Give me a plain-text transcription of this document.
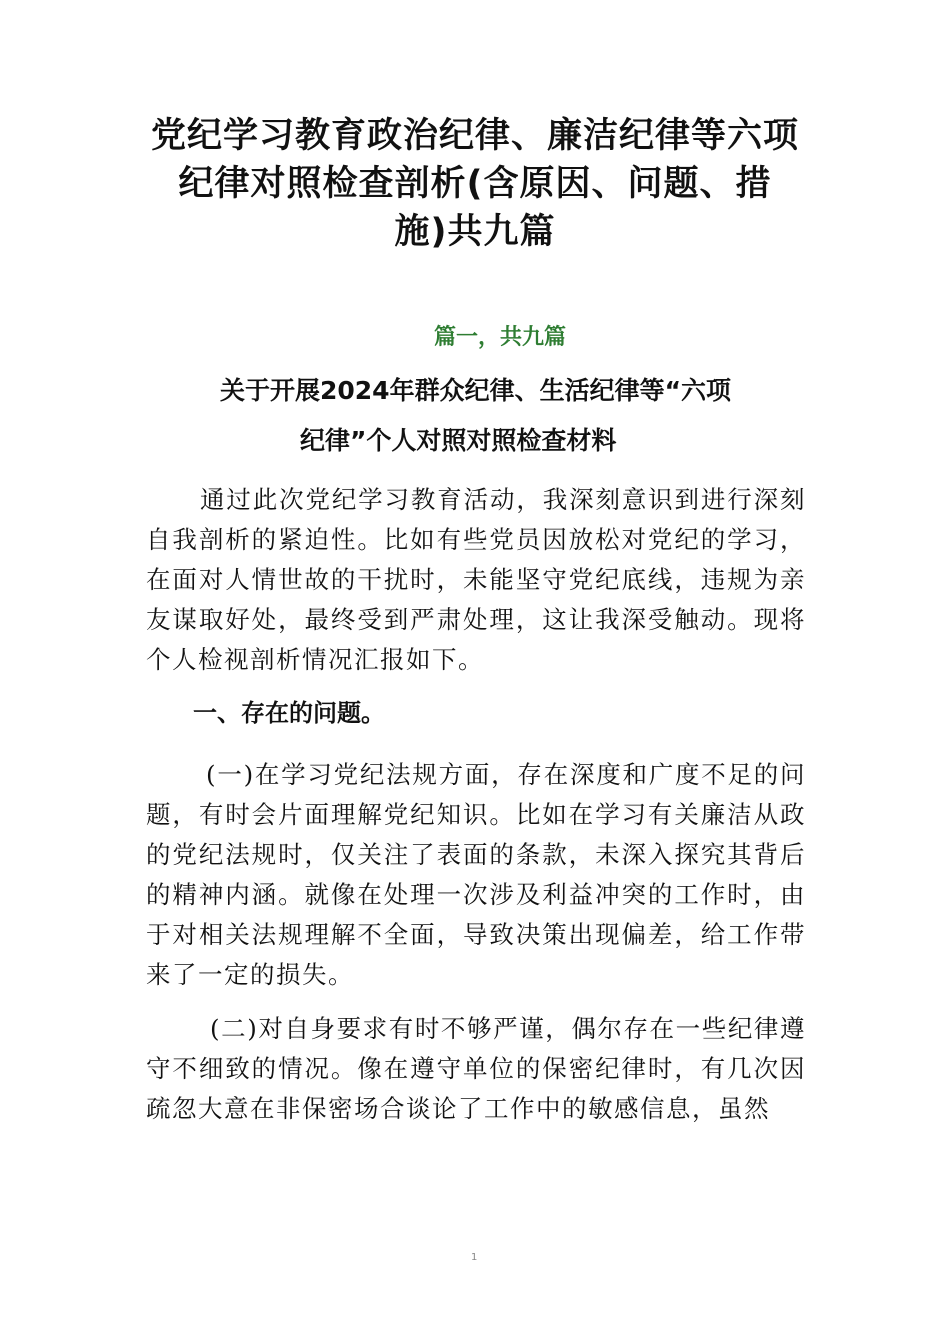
党纪学习教育政治纪律、廉洁纪律等六项
纪律对照检查剖析(含原因、问题、措
施)共九篇

篇一，共九篇

关于开展2024年群众纪律、生活纪律等“六项
纪律”个人对照对照检查材料

通过此次党纪学习教育活动，我深刻意识到进行深刻自我剖析的紧迫性。比如有些党员因放松对党纪的学习，在面对人情世故的干扰时，未能坚守党纪底线，违规为亲友谋取好处，最终受到严肃处理，这让我深受触动。现将个人检视剖析情况汇报如下。

一、存在的问题。

(一)在学习党纪法规方面，存在深度和广度不足的问题，有时会片面理解党纪知识。比如在学习有关廉洁从政的党纪法规时，仅关注了表面的条款，未深入探究其背后的精神内涵。就像在处理一次涉及利益冲突的工作时，由于对相关法规理解不全面，导致决策出现偏差，给工作带来了一定的损失。

(二)对自身要求有时不够严谨，偶尔存在一些纪律遵守不细致的情况。像在遵守单位的保密纪律时，有几次因疏忽大意在非保密场合谈论了工作中的敏感信息，虽然

1
